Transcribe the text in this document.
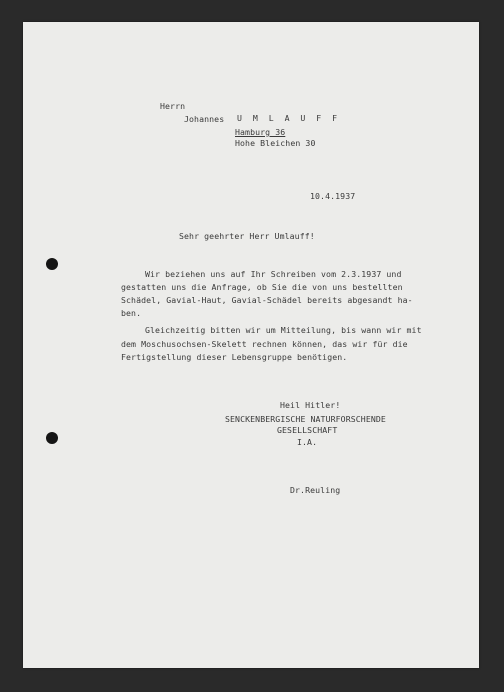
Herrn
Johannes U M L A U F F
Hamburg 36
Hohe Bleichen 30
10.4.1937
Sehr geehrter Herr Umlauff!
Wir beziehen uns auf Ihr Schreiben vom 2.3.1937 und
gestatten uns die Anfrage, ob Sie die von uns bestellten
Schädel, Gavial-Haut, Gavial-Schädel bereits abgesandt ha-
ben.
Gleichzeitig bitten wir um Mitteilung, bis wann wir mit
dem Moschusochsen-Skelett rechnen können, das wir für die
Fertigstellung dieser Lebensgruppe benötigen.
Heil Hitler!
SENCKENBERGISCHE NATURFORSCHENDE
GESELLSCHAFT
I.A.
Dr.Reuling
